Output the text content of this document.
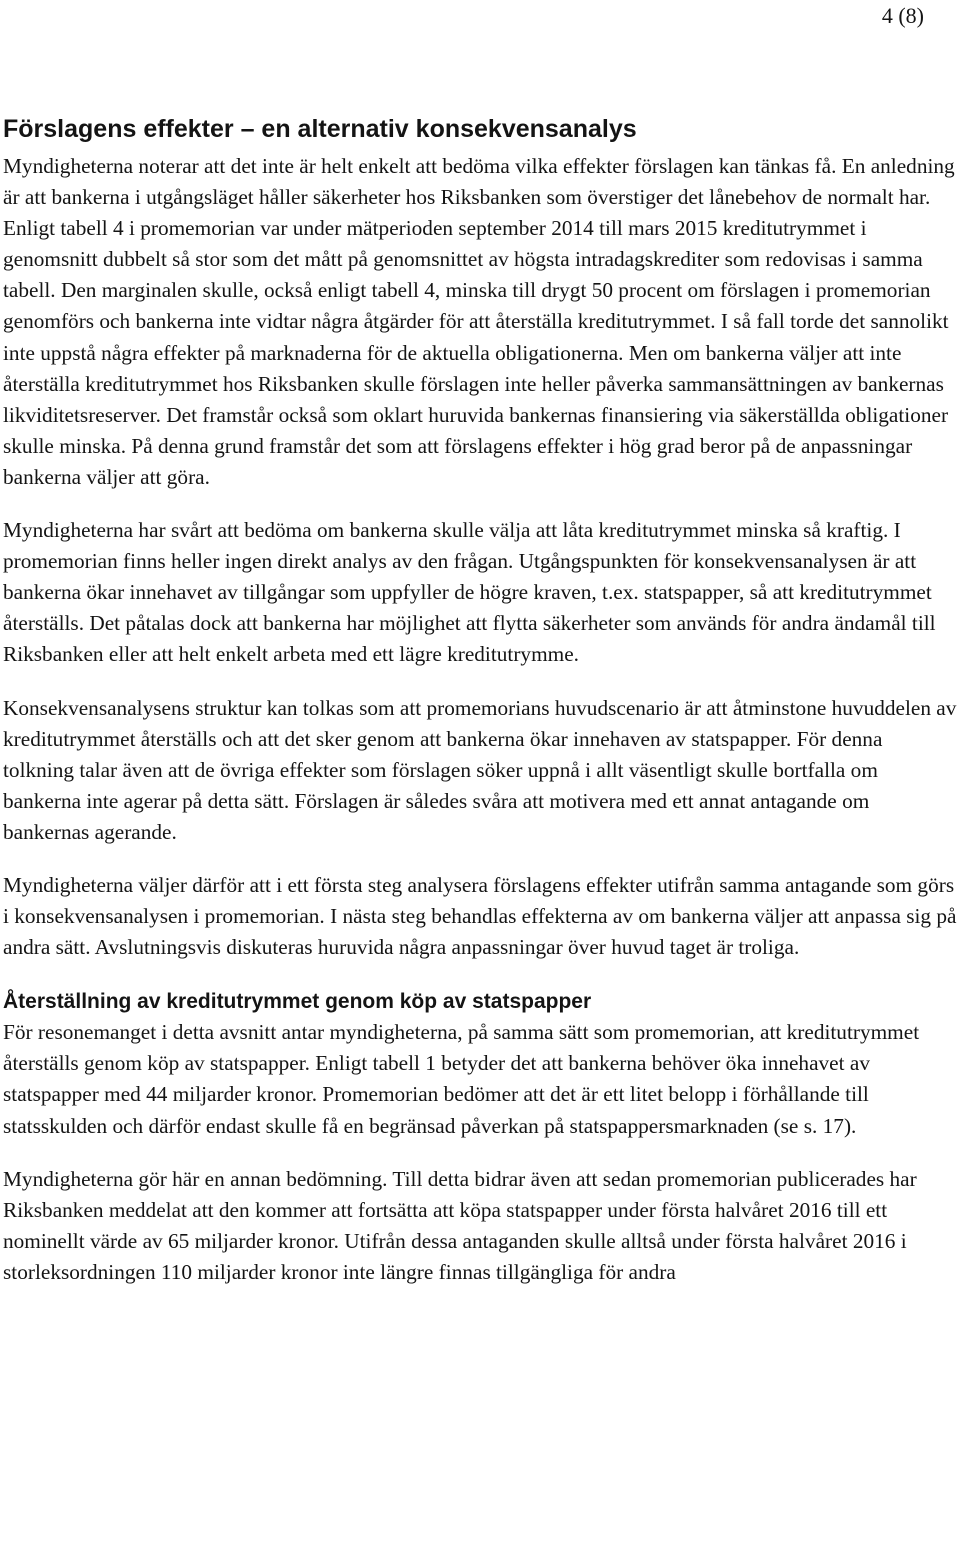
4 (8)
Förslagens effekter – en alternativ konsekvensanalys

Myndigheterna noterar att det inte är helt enkelt att bedöma vilka effekter förslagen kan tänkas få. En anledning är att bankerna i utgångsläget håller säkerheter hos Riksbanken som överstiger det lånebehov de normalt har. Enligt tabell 4 i promemorian var under mätperioden september 2014 till mars 2015 kreditutrymmet i genomsnitt dubbelt så stor som det mått på genomsnittet av högsta intradagskrediter som redovisas i samma tabell. Den marginalen skulle, också enligt tabell 4, minska till drygt 50 procent om förslagen i promemorian genomförs och bankerna inte vidtar några åtgärder för att återställa kreditutrymmet. I så fall torde det sannolikt inte uppstå några effekter på marknaderna för de aktuella obligationerna. Men om bankerna väljer att inte återställa kreditutrymmet hos Riksbanken skulle förslagen inte heller påverka sammansättningen av bankernas likviditetsreserver. Det framstår också som oklart huruvida bankernas finansiering via säkerställda obligationer skulle minska. På denna grund framstår det som att förslagens effekter i hög grad beror på de anpassningar bankerna väljer att göra.

Myndigheterna har svårt att bedöma om bankerna skulle välja att låta kreditutrymmet minska så kraftig. I promemorian finns heller ingen direkt analys av den frågan. Utgångspunkten för konsekvensanalysen är att bankerna ökar innehavet av tillgångar som uppfyller de högre kraven, t.ex. statspapper, så att kreditutrymmet återställs. Det påtalas dock att bankerna har möjlighet att flytta säkerheter som används för andra ändamål till Riksbanken eller att helt enkelt arbeta med ett lägre kreditutrymme.

Konsekvensanalysens struktur kan tolkas som att promemorians huvudscenario är att åtminstone huvuddelen av kreditutrymmet återställs och att det sker genom att bankerna ökar innehaven av statspapper. För denna tolkning talar även att de övriga effekter som förslagen söker uppnå i allt väsentligt skulle bortfalla om bankerna inte agerar på detta sätt. Förslagen är således svåra att motivera med ett annat antagande om bankernas agerande.

Myndigheterna väljer därför att i ett första steg analysera förslagens effekter utifrån samma antagande som görs i konsekvensanalysen i promemorian. I nästa steg behandlas effekterna av om bankerna väljer att anpassa sig på andra sätt. Avslutningsvis diskuteras huruvida några anpassningar över huvud taget är troliga.

Återställning av kreditutrymmet genom köp av statspapper

För resonemanget i detta avsnitt antar myndigheterna, på samma sätt som promemorian, att kreditutrymmet återställs genom köp av statspapper. Enligt tabell 1 betyder det att bankerna behöver öka innehavet av statspapper med 44 miljarder kronor. Promemorian bedömer att det är ett litet belopp i förhållande till statsskulden och därför endast skulle få en begränsad påverkan på statspappersmarknaden (se s. 17).

Myndigheterna gör här en annan bedömning. Till detta bidrar även att sedan promemorian publicerades har Riksbanken meddelat att den kommer att fortsätta att köpa statspapper under första halvåret 2016 till ett nominellt värde av 65 miljarder kronor. Utifrån dessa antaganden skulle alltså under första halvåret 2016 i storleksordningen 110 miljarder kronor inte längre finnas tillgängliga för andra
